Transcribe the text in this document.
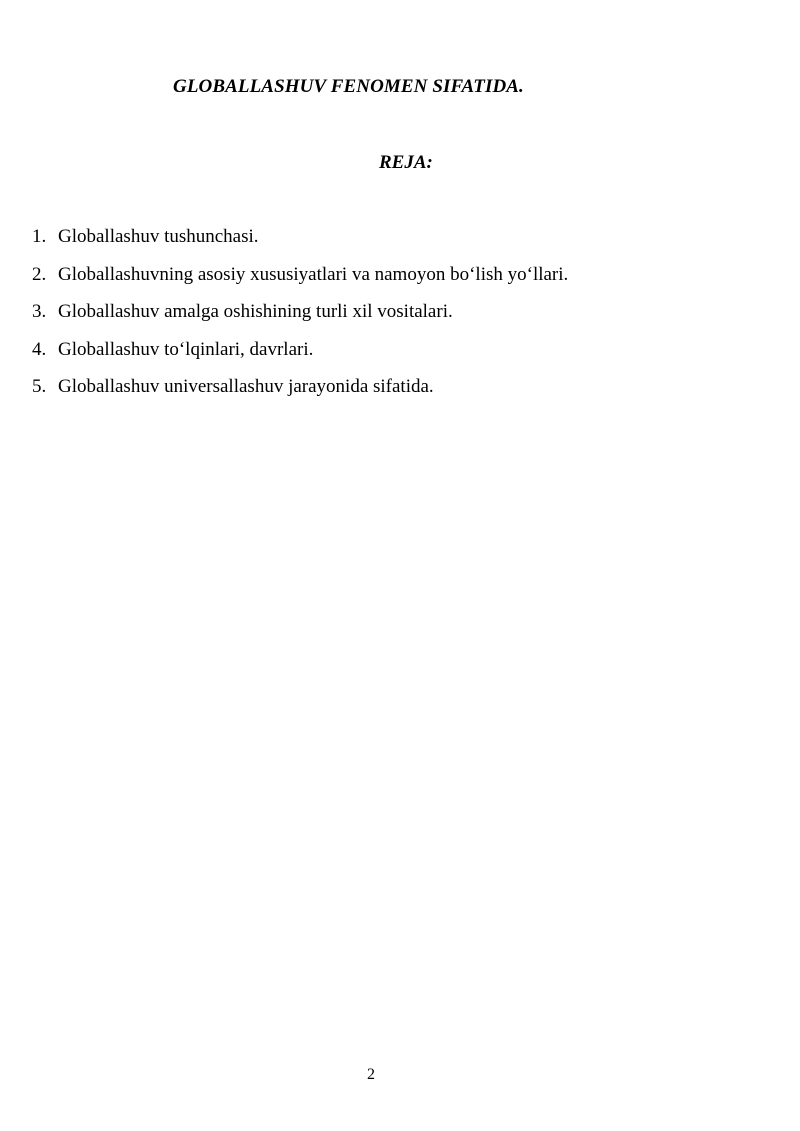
GLOBALLASHUV FENOMEN SIFATIDA.
REJA:
1. Globallashuv tushunchasi.
2. Globallashuvning asosiy xususiyatlari va namoyon bo‘lish yo‘llari.
3. Globallashuv amalga oshishining turli xil vositalari.
4. Globallashuv to‘lqinlari, davrlari.
5. Globallashuv universallashuv jarayonida sifatida.
2
